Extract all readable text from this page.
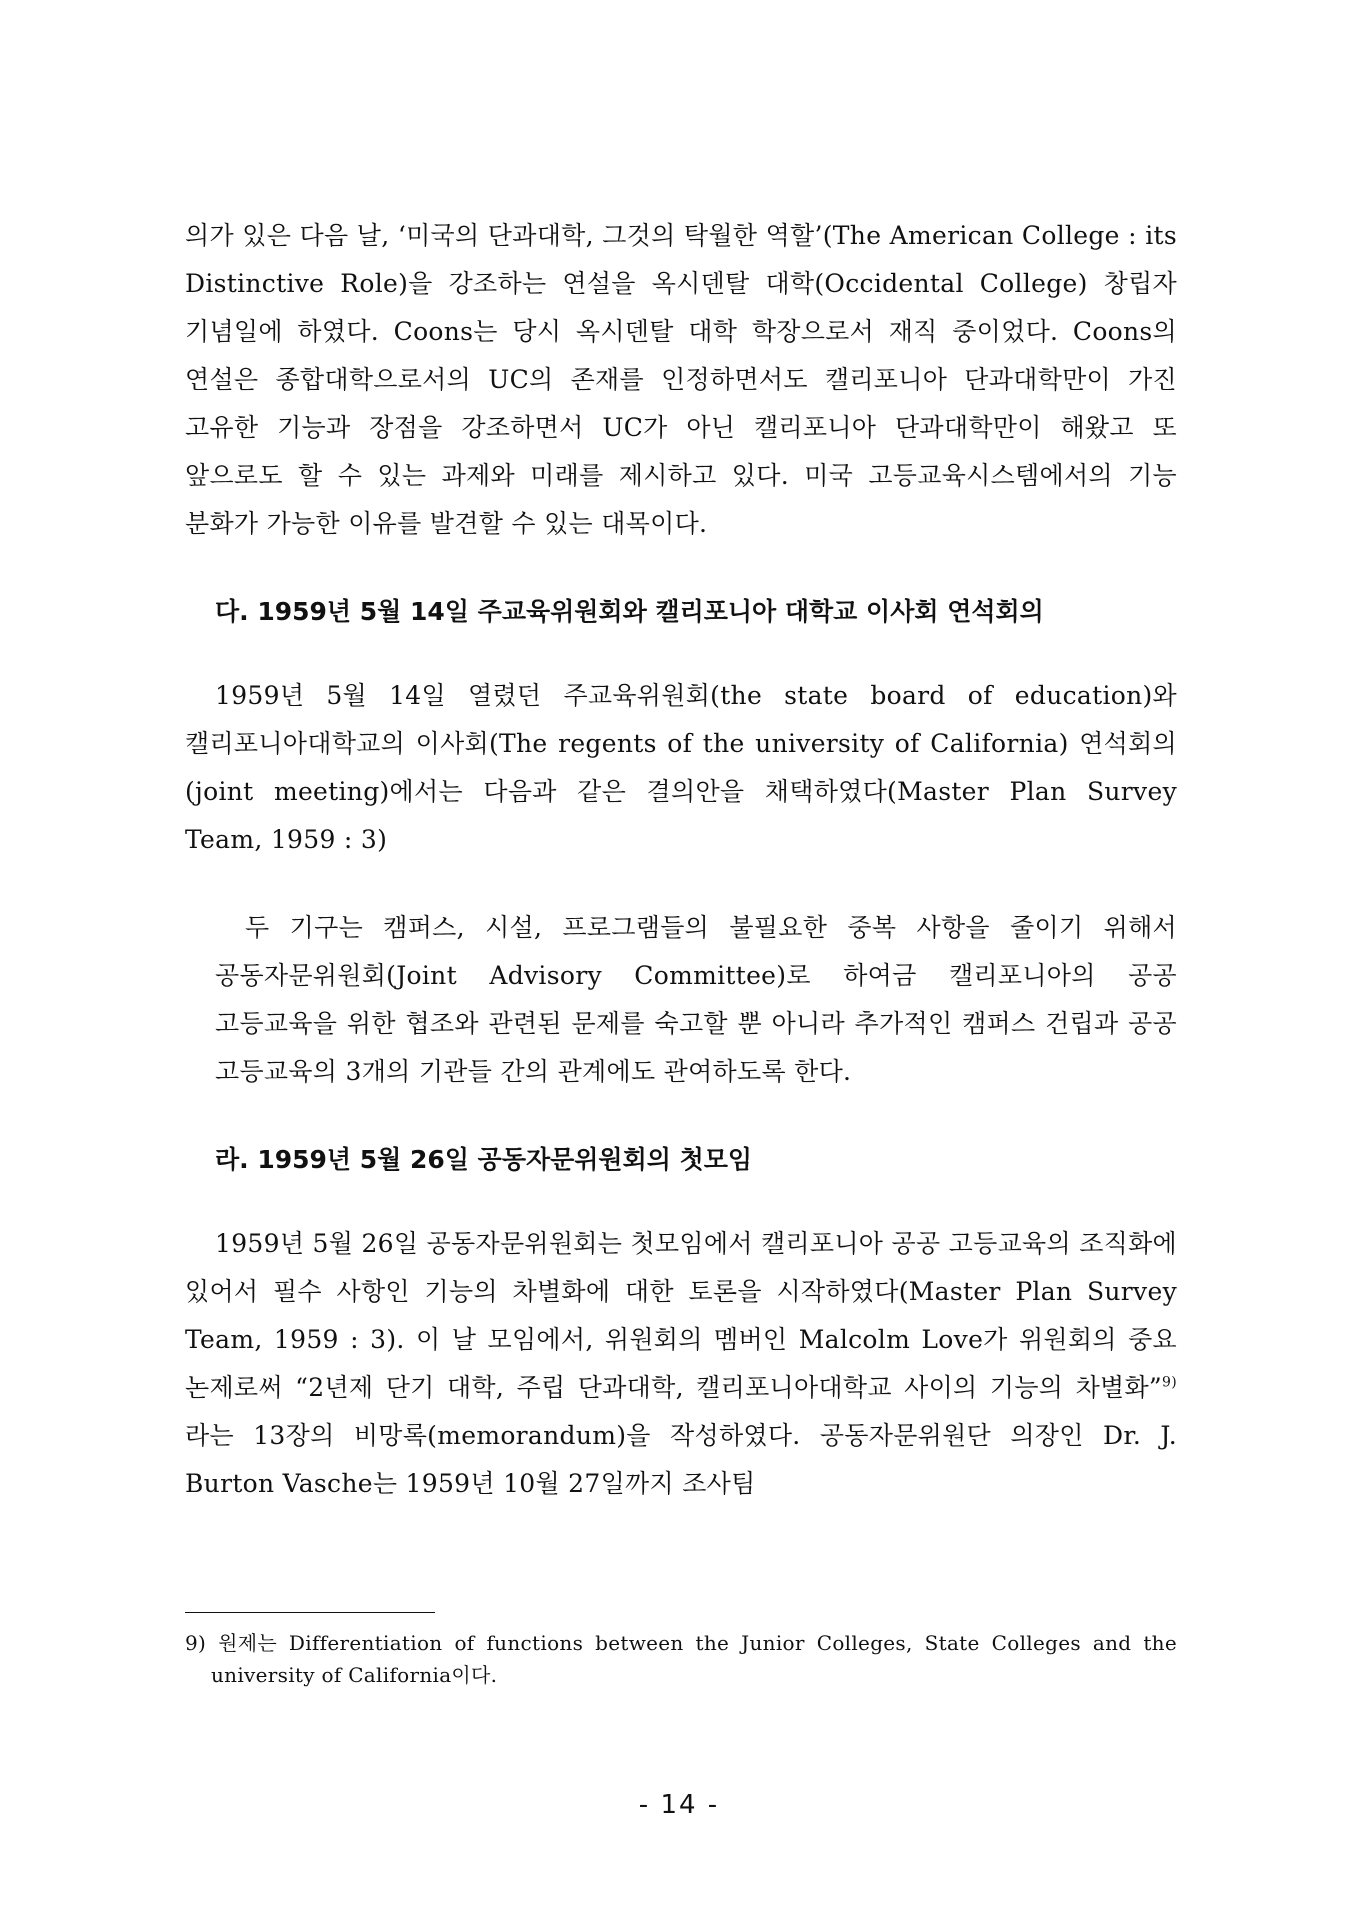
의가 있은 다음 날, ‘미국의 단과대학, 그것의 탁월한 역할’(The American College : its Distinctive Role)을 강조하는 연설을 옥시덴탈 대학(Occidental College) 창립자 기념일에 하였다. Coons는 당시 옥시덴탈 대학 학장으로서 재직 중이었다. Coons의 연설은 종합대학으로서의 UC의 존재를 인정하면서도 캘리포니아 단과대학만이 가진 고유한 기능과 장점을 강조하면서 UC가 아닌 캘리포니아 단과대학만이 해왔고 또 앞으로도 할 수 있는 과제와 미래를 제시하고 있다. 미국 고등교육시스템에서의 기능 분화가 가능한 이유를 발견할 수 있는 대목이다.

다. 1959년 5월 14일 주교육위원회와 캘리포니아 대학교 이사회 연석회의

1959년 5월 14일 열렸던 주교육위원회(the state board of education)와 캘리포니아대학교의 이사회(The regents of the university of California) 연석회의(joint meeting)에서는 다음과 같은 결의안을 채택하였다(Master Plan Survey Team, 1959 : 3)

두 기구는 캠퍼스, 시설, 프로그램들의 불필요한 중복 사항을 줄이기 위해서 공동자문위원회(Joint Advisory Committee)로 하여금 캘리포니아의 공공 고등교육을 위한 협조와 관련된 문제를 숙고할 뿐 아니라 추가적인 캠퍼스 건립과 공공 고등교육의 3개의 기관들 간의 관계에도 관여하도록 한다.

라. 1959년 5월 26일 공동자문위원회의 첫모임

1959년 5월 26일 공동자문위원회는 첫모임에서 캘리포니아 공공 고등교육의 조직화에 있어서 필수 사항인 기능의 차별화에 대한 토론을 시작하였다(Master Plan Survey Team, 1959 : 3). 이 날 모임에서, 위원회의 멤버인 Malcolm Love가 위원회의 중요 논제로써 “2년제 단기 대학, 주립 단과대학, 캘리포니아대학교 사이의 기능의 차별화”$^{9)}$라는 13장의 비망록(memorandum)을 작성하였다. 공동자문위원단 의장인 Dr. J. Burton Vasche는 1959년 10월 27일까지 조사팀

9) 원제는 Differentiation of functions between the Junior Colleges, State Colleges and the university of California이다.

- 14 -
